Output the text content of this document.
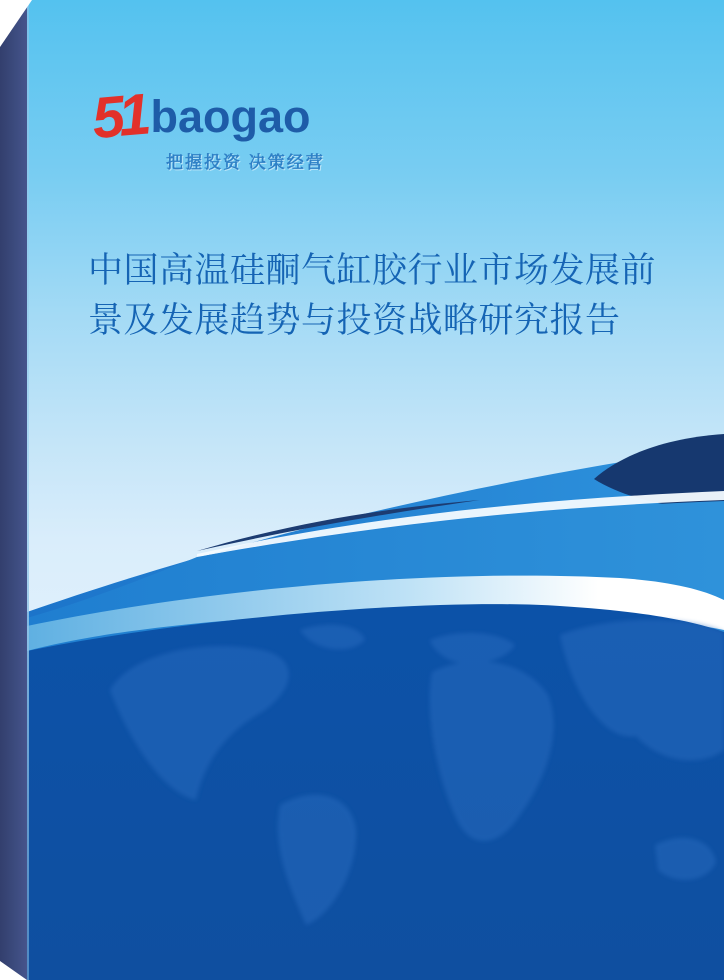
51 baogao
把握投资 决策经营
中国高温硅酮气缸胶行业市场发展前
景及发展趋势与投资战略研究报告
